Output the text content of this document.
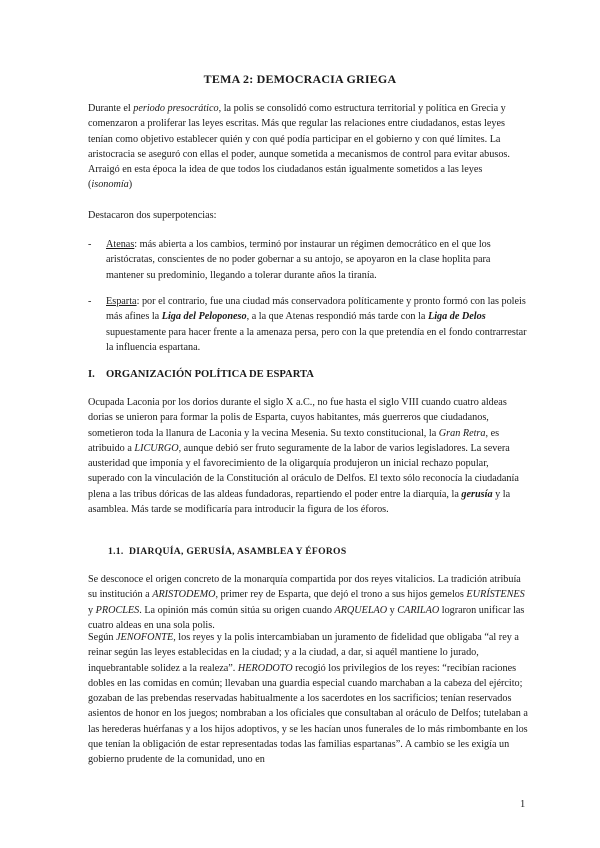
TEMA 2: DEMOCRACIA GRIEGA

Durante el periodo presocrático, la polis se consolidó como estructura territorial y política en Grecia y comenzaron a proliferar las leyes escritas. Más que regular las relaciones entre ciudadanos, estas leyes tenían como objetivo establecer quién y con qué podía participar en el gobierno y con qué límites. La aristocracia se aseguró con ellas el poder, aunque sometida a mecanismos de control para evitar abusos. Arraigó en esta época la idea de que todos los ciudadanos están igualmente sometidos a las leyes (isonomía)

Destacaron dos superpotencias:

- Atenas: más abierta a los cambios, terminó por instaurar un régimen democrático en el que los aristócratas, conscientes de no poder gobernar a su antojo, se apoyaron en la clase hoplita para mantener su predominio, llegando a tolerar durante años la tiranía.
- Esparta: por el contrario, fue una ciudad más conservadora políticamente y pronto formó con las poleis más afines la Liga del Peloponeso, a la que Atenas respondió más tarde con la Liga de Delos supuestamente para hacer frente a la amenaza persa, pero con la que pretendía en el fondo contrarrestar la influencia espartana.
I. ORGANIZACIÓN POLÍTICA DE ESPARTA

Ocupada Laconia por los dorios durante el siglo X a.C., no fue hasta el siglo VIII cuando cuatro aldeas dorias se unieron para formar la polis de Esparta, cuyos habitantes, más guerreros que ciudadanos, sometieron toda la llanura de Laconia y la vecina Mesenia. Su texto constitucional, la Gran Retra, es atribuido a LICURGO, aunque debió ser fruto seguramente de la labor de varios legisladores. La severa austeridad que imponía y el favorecimiento de la oligarquía produjeron un inicial rechazo popular, superado con la vinculación de la Constitución al oráculo de Delfos. El texto sólo reconocía la ciudadanía plena a las tribus dóricas de las aldeas fundadoras, repartiendo el poder entre la diarquía, la gerusía y la asamblea. Más tarde se modificaría para introducir la figura de los éforos.

1.1. DIARQUÍA, GERUSÍA, ASAMBLEA Y ÉFOROS

Se desconoce el origen concreto de la monarquía compartida por dos reyes vitalicios. La tradición atribuía su institución a ARISTODEMO, primer rey de Esparta, que dejó el trono a sus hijos gemelos EURÍSTENES y PROCLES. La opinión más común sitúa su origen cuando ARQUELAO y CARILAO lograron unificar las cuatro aldeas en una sola polis.

Según JENOFONTE, los reyes y la polis intercambiaban un juramento de fidelidad que obligaba “al rey a reinar según las leyes establecidas en la ciudad; y a la ciudad, a dar, si aquél mantiene lo jurado, inquebrantable solidez a la realeza”. HERODOTO recogió los privilegios de los reyes: “recibían raciones dobles en las comidas en común; llevaban una guardia especial cuando marchaban a la cabeza del ejército; gozaban de las prebendas reservadas habitualmente a los sacerdotes en los sacrificios; tenían reservados asientos de honor en los juegos; nombraban a los oficiales que consultaban al oráculo de Delfos; tutelaban a las herederas huérfanas y a los hijos adoptivos, y se les hacían unos funerales de lo más rimbombante en los que tenían la obligación de estar representadas todas las familias espartanas”. A cambio se les exigía un gobierno prudente de la comunidad, uno en

1
